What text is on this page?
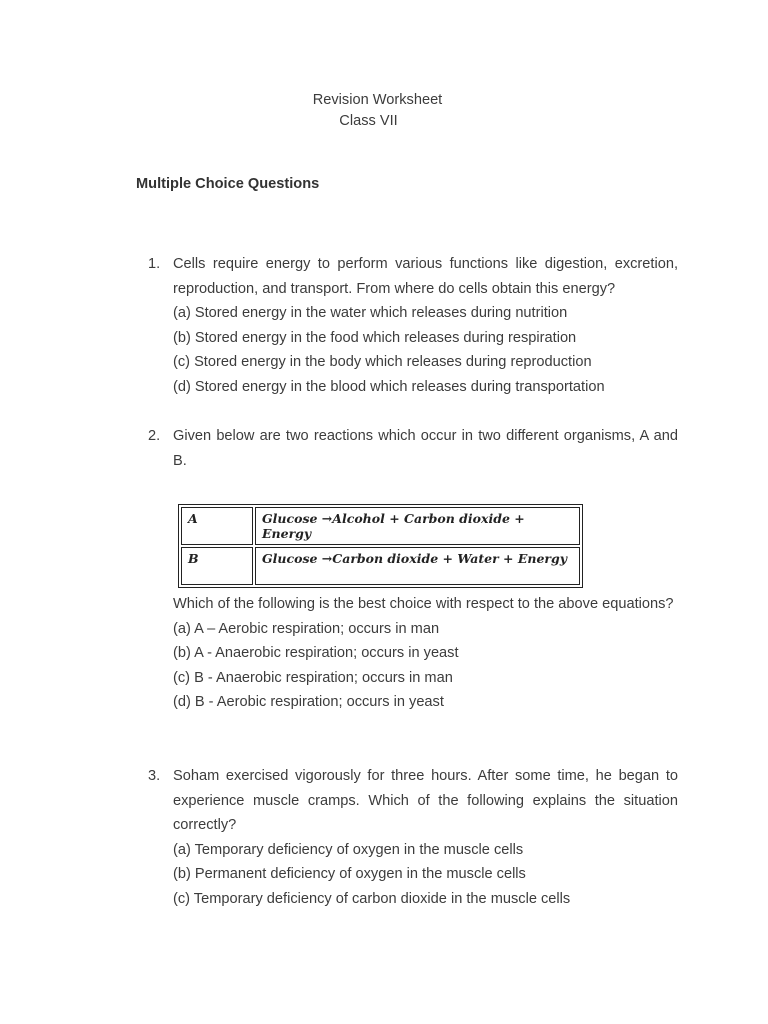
Revision Worksheet
Class VII
Multiple Choice Questions
1. Cells require energy to perform various functions like digestion, excretion, reproduction, and transport. From where do cells obtain this energy?
(a) Stored energy in the water which releases during nutrition
(b) Stored energy in the food which releases during respiration
(c) Stored energy in the body which releases during reproduction
(d) Stored energy in the blood which releases during transportation
2. Given below are two reactions which occur in two different organisms, A and B.
A	Glucose →Alcohol + Carbon dioxide + Energy
B	Glucose →Carbon dioxide + Water + Energy
Which of the following is the best choice with respect to the above equations?
(a) A – Aerobic respiration; occurs in man
(b) A - Anaerobic respiration; occurs in yeast
(c) B - Anaerobic respiration; occurs in man
(d) B - Aerobic respiration; occurs in yeast
3. Soham exercised vigorously for three hours. After some time, he began to experience muscle cramps. Which of the following explains the situation correctly?
(a) Temporary deficiency of oxygen in the muscle cells
(b) Permanent deficiency of oxygen in the muscle cells
(c) Temporary deficiency of carbon dioxide in the muscle cells
